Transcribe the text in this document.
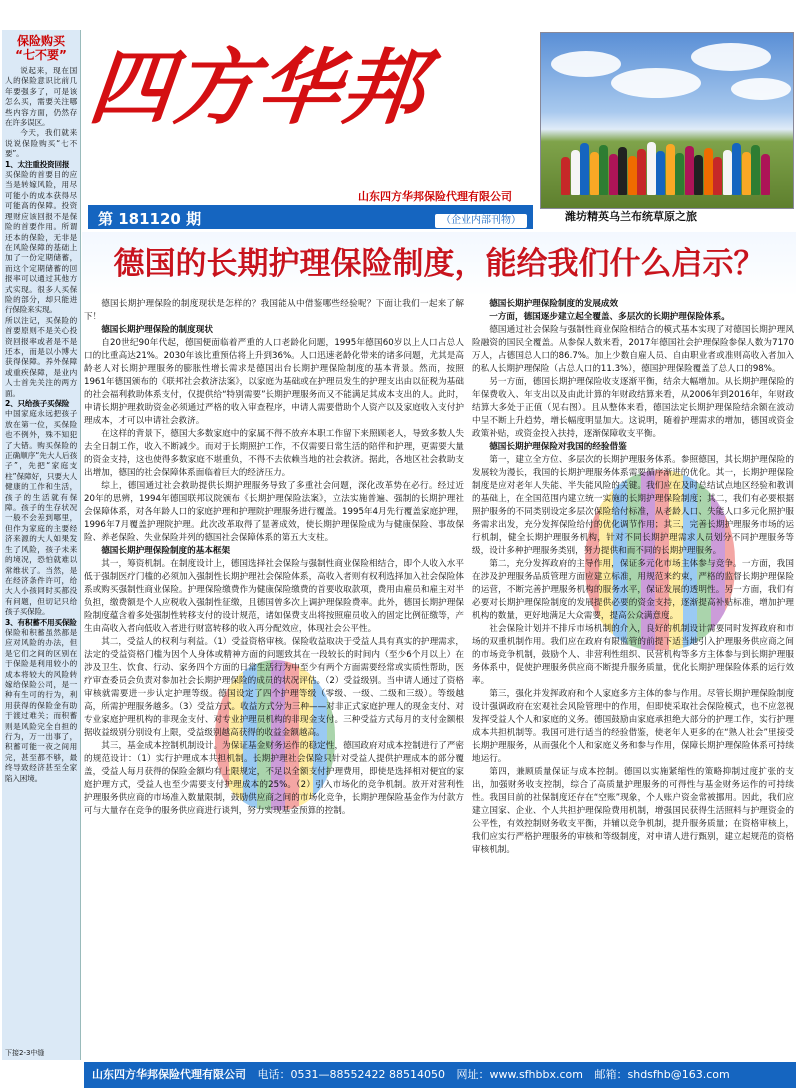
保险购买
“七不要”

说起来，现在国人的保险意识比前几年要强多了，可是该怎么买，需要关注哪些内容方面，仍然存在许多误区。

今天，我们就来说说保险购买“七不要”。

1、太注重投资回报

买保险的首要目的应当是转嫁风险，用尽可能小的成本获得尽可能高的保障。投资理财应该回报不是保险的首要作用。所谓还本的保险，无非是在风险保障的基础上加了一份定期储蓄，而这个定期储蓄的回报率可以通过其他方式实现。很多人买保险的部分，却只能进行保险来实现。

所以注记，买保险的首要原则不是关心投资回报率或者是不是还本，而是以小博大获得保障。养外保障或重疾保障，是业内人士首先关注的两方面。

2、只给孩子买保险

中国家庭永远把孩子放在第一位，买保险也不例外，殊不知犯了大错。购买保险的正确顺序“先大人后孩子”，先把“家庭支柱”保障好，只要大人健康的工作和生活，孩子的生活就有保障。孩子的生存状况一般不会差到哪里，但作为家庭的主要经济来源的大人如果发生了风险，孩子未来的境况，恐怕就难以常维状了。当然，是在经济条件许可，给大人小孩同时买都没有问题，但切记只给孩子买保险。

3、有积蓄不用买保险

保险和积蓄虽然都是应对风险的办法，但是它们之间的区别在于保险是利用较小的成本将较大的风险转嫁给保险公司，是一种有生可的行为，利用获得的保险金有助于渡过难关；而积蓄则是风险完全自担的行为，万一出事了，积蓄可能一夜之间用完，甚至都不够，最终导致经济甚至全家陷入困境。

下接2-3中缝
四方华邦
山东四方华邦保险代理有限公司
第 181120 期	（企业内部刊物）	潍坊精英乌兰布统草原之旅
德国的长期护理保险制度，能给我们什么启示？

德国长期护理保险的制度现状是怎样的？我国能从中借鉴哪些经验呢？下面让我们一起来了解下！

德国长期护理保险的制度现状

自20世纪90年代起，德国便面临着严重的人口老龄化问题，1995年德国60岁以上人口占总人口的比重高达21%。2030年该比重预估将上升到36%。人口迅速老龄化带来的诸多问题，尤其是高龄老人对长期护理服务的膨胀性增长需求是德国出台长期护理保险制度的基本背景。然而，按照1961年德国颁布的《联邦社会救济法案》，以家庭为基础或在护理员发生的护理支出由以征税为基础的社会福利救助体系支付，仅提供给“特别需要”长期护理服务而又不能满足其成本支出的人。此时，申请长期护理救助资金必须通过严格的收入审查程序，申请人需要借助个人资产以及家庭收入支付护理成本，才可以申请社会救济。

在这样的背景下，德国大多数家庭中的家属不得不放弃本职工作留下来照顾老人，导致多数人失去全日制工作，收入不断减少。而对于长期照护工作，不仅需要日常生活的陪伴和护理，更需要大量的资金支持，这也使得多数家庭不堪重负，不得不去依赖当地的社会救济。据此，各地区社会救助支出增加，德国的社会保障体系面临着巨大的经济压力。

综上，德国通过社会救助提供长期护理服务导致了多重社会问题，深化改革势在必行。经过近20年的思辨，1994年德国联邦议院颁布《长期护理保险法案》，立法实施普遍、强制的长期护理社会保障体系，对各年龄人口的家庭护理和护理院护理服务进行覆盖。1995年4月先行覆盖家庭护理，1996年7月覆盖护理院护理。此次改革取得了显著成效，使长期护理保险成为与健康保险、事故保险、养老保险、失业保险并列的德国社会保障体系的第五大支柱。

德国长期护理保险制度的基本框架

其一，筹资机制。在制度设计上，德国选择社会保险与强制性商业保险相结合，即个人收入水平低于强制医疗门槛的必须加入强制性长期护理社会保险体系，高收入者则有权利选择加入社会保险体系或购买强制性商业保险。护理保险缴费作为健康保险缴费的首要收取款项，费用由雇员和雇主对半负担，缴费额是个人应税收入强制性征缴，且德国曾多次上调护理保险费率。此外，德国长期护理保险制度蕴含着多处强制性转移支付的设计规范，诸如保费支出将按照雇员收入的固定比例征缴等，产生由高收入者向低收入者进行财富转移的收入再分配效应，体现社会公平性。

其二，受益人的权利与利益。（1）受益资格审核。保险收益取决于受益人具有真实的护理需求，法定的受益资格门槛为因个人身体或精神方面的问题致其在一段较长的时间内（至少6个月以上）在涉及卫生、饮食、行动、家务四个方面的日常生活行为中至少有两个方面需要经常或实质性帮助，医疗审查委员会负责对参加社会长期护理保险的成员的状况评估。（2）受益级别。当申请人通过了资格审核就需要进一步认定护理等级。德国设定了四个护理等级（零级、一级、二级和三级）。等级越高，所需护理服务越多。（3）受益方式。收益方式分为三种——对非正式家庭护理人的现金支付、对专业家庭护理机构的非现金支付、对专业护理员机构的非现金支付。三种受益方式每月的支付金额根据收益级别分别设有上限，受益级别越高获得的收益金额越高。

其三，基金成本控制机制设计。为保证基金财务运作的稳定性，德国政府对成本控制进行了严密的规范设计：（1）实行护理成本共担机制。长期护理社会保险只针对受益人提供护理成本的部分覆盖，受益人每月获得的保险金额均有上限规定，不足以全额支付护理费用，即使是选择相对便宜的家庭护理方式，受益人也至少需要支付护理成本的25%。（2）引入市场化的竞争机制。放开对营利性护理服务供应商的市场准入数量限制，鼓励供应商之间的市场化竞争，长期护理保险基金作为付款方可与大量存在竞争的服务供应商进行谈判，努力实现基金预算的控制。

德国长期护理保险制度的发展成效

一方面，德国逐步建立起全覆盖、多层次的长期护理保险体系。

德国通过社会保险与强制性商业保险相结合的模式基本实现了对德国长期护理风险融资的国民全覆盖。从参保人数来看，2017年德国社会护理保险参保人数为7170万人，占德国总人口的86.7%。加上少数自雇人员、自由职业者或准则高收入者加入的私人长期护理保险（占总人口的11.3%），德国护理保险覆盖了总人口的98%。

另一方面，德国长期护理保险收支逐渐平衡，结余大幅增加。从长期护理保险的年保费收入、年支出以及由此计算的年财政结算来看，从2006年到2016年，年财政结算大多处于正值（见右图）。且从整体来看，德国法定长期护理保险结余额在波动中呈不断上升趋势，增长幅度明显加大。这说明，随着护理需求的增加，德国或资金政策补贴，或资金投入扶持，逐渐保障收支平衡。

德国长期护理保险对我国的经验借鉴

第一，建立全方位、多层次的长期护理服务体系。参照德国，其长期护理保险的发展较为漫长，我国的长期护理服务体系需要循序渐进的优化。其一，长期护理保险制度是应对老年人失能、半失能风险的关键。我们应在及时总结试点地区经验和教训的基础上，在全国范围内建立统一实施的长期护理保险制度；其二，我们有必要根据照护服务的不同类别设定多层次保险给付标准，从老龄人口、失能人口多元化照护服务需求出发，充分发挥保险给付的优化调节作用；其三，完善长期护理服务市场的运行机制，健全长期护理服务机构，针对不同长期护理需求人员划分不同护理服务等级，设计多种护理服务类别，努力提供和而不同的长期护理服务。

第二，充分发挥政府的主导作用，保证多元化市场主体参与竞争。一方面，我国在涉及护理服务品质管理方面应建立标准，用规范来约束，严格的监督长期护理保险的运营，不断完善护理服务机构的服务水平，保证发展的透明性。另一方面，我们有必要对长期护理保险制度的发展提供必要的资金支持，逐渐提高补贴标准，增加护理机构的数量，更好地满足大众需要，提高公众满意度。

社会保险计划并不排斥市场机制的介入，良好的机制设计需要同时发挥政府和市场的双重机制作用。我们应在政府有限监管的前提下适当地引入护理服务供应商之间的市场竞争机制，鼓励个人、非营利性组织、民营机构等多方主体参与到长期护理服务体系中，促使护理服务供应商不断提升服务质量，优化长期护理保险体系的运行效率。

第三，强化并发挥政府和个人家庭多方主体的参与作用。尽管长期护理保险制度设计强调政府在宏观社会风险管理中的作用，但即使采取社会保险模式，也不应忽视发挥受益人个人和家庭的义务。德国鼓励由家庭承担绝大部分的护理工作，实行护理成本共担机制等。我国可进行适当的经验借鉴，使老年人更多的在“熟人社会”里接受长期护理服务，从而强化个人和家庭义务和参与作用，保障长期护理保险体系可持续地运行。

第四，兼顾质量保证与成本控制。德国以实施紧缩性的策略抑制过度扩张的支出，加强财务收支控制，综合了高质量护理服务的可得性与基金财务运作的可持续性。我国目前的社保制度还存在“空账”现象，个人账户资金常被挪用。因此，我们应建立国家、企业、个人共担护理保险费用机制，增强国民获得生活照料与护理资金的公平性，有效控制财务收支平衡，并辅以竞争机制，提升服务质量；在资格审核上，我们应实行严格护理服务的审核和等级制度，对申请人进行甄别，建立起规范的资格审核机制。

山东四方华邦保险代理有限公司 电话：0531—88552422 88514050 网址：www.sfhbbx.com 邮箱：shdsfhb@163.com
